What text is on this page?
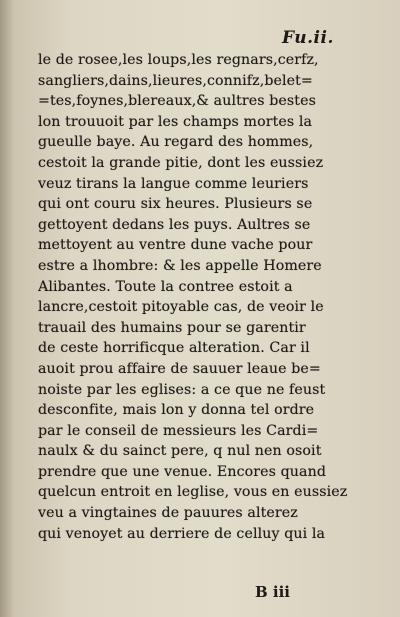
Fu.ii.
le de rosee,les loups,les regnars,cerfz,
sangliers,dains,lieures,connifz,belet=
=tes,foynes,blereaux,& aultres bestes
lon trouuoit par les champs mortes la
gueulle baye. Au regard des hommes,
cestoit la grande pitie, dont les eussiez
veuz tirans la langue comme leuriers
qui ont couru six heures. Plusieurs se
gettoyent dedans les puys. Aultres se
mettoyent au ventre dune vache pour
estre a lhombre: & les appelle Homere
Alibantes. Toute la contree estoit a
lancre,cestoit pitoyable cas, de veoir le
trauail des humains pour se garentir
de ceste horrificque alteration. Car il
auoit prou affaire de sauuer leaue be=
noiste par les eglises: a ce que ne feust
desconfite, mais lon y donna tel ordre
par le conseil de messieurs les Cardi=
naulx & du sainct pere, q nul nen osoit
prendre que une venue. Encores quand
quelcun entroit en leglise, vous en eussiez
veu a vingtaines de pauures alterez
qui venoyet au derriere de celluy qui la
B iii
